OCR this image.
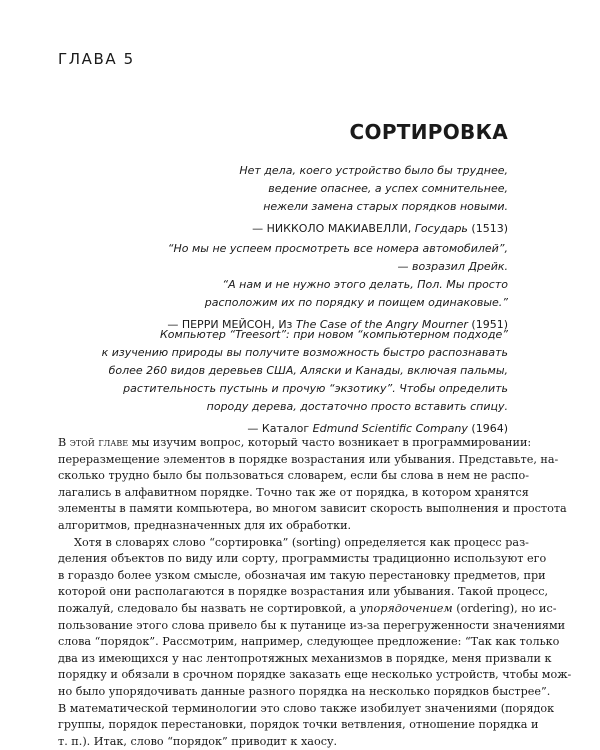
ГЛАВА 5
СОРТИРОВКА
Нет дела, коего устройство было бы труднее,
ведение опаснее, а успех сомнительнее,
нежели замена старых порядков новыми.
— НИККОЛО МАКИАВЕЛЛИ, Государь (1513)
“Но мы не успеем просмотреть все номера автомобилей”,
— возразил Дрейк.
“А нам и не нужно этого делать, Пол. Мы просто
расположим их по порядку и поищем одинаковые.”
— ПЕРРИ МЕЙСОН, Из The Case of the Angry Mourner (1951)
Компьютер “Treesort”: при новом “компьютерном подходе”
к изучению природы вы получите возможность быстро распознавать
более 260 видов деревьев США, Аляски и Канады, включая пальмы,
растительность пустынь и прочую “экзотику”. Чтобы определить
породу дерева, достаточно просто вставить спицу.
— Каталог Edmund Scientific Company (1964)
В этой главе мы изучим вопрос, который часто возникает в программировании:
переразмещение элементов в порядке возрастания или убывания. Представьте, на-
сколько трудно было бы пользоваться словарем, если бы слова в нем не распо-
лагались в алфавитном порядке. Точно так же от порядка, в котором хранятся
элементы в памяти компьютера, во многом зависит скорость выполнения и простота
алгоритмов, предназначенных для их обработки.
Хотя в словарях слово “сортировка” (sorting) определяется как процесс раз-
деления объектов по виду или сорту, программисты традиционно используют его
в гораздо более узком смысле, обозначая им такую перестановку предметов, при
которой они располагаются в порядке возрастания или убывания. Такой процесс,
пожалуй, следовало бы назвать не сортировкой, а упорядочением (ordering), но ис-
пользование этого слова привело бы к путанице из-за перегруженности значениями
слова “порядок”. Рассмотрим, например, следующее предложение: “Так как только
два из имеющихся у нас лентопротяжных механизмов в порядке, меня призвали к
порядку и обязали в срочном порядке заказать еще несколько устройств, чтобы мож-
но было упорядочивать данные разного порядка на несколько порядков быстрее”.
В математической терминологии это слово также изобилует значениями (порядок
группы, порядок перестановки, порядок точки ветвления, отношение порядка и
т. п.). Итак, слово “порядок” приводит к хаосу.
